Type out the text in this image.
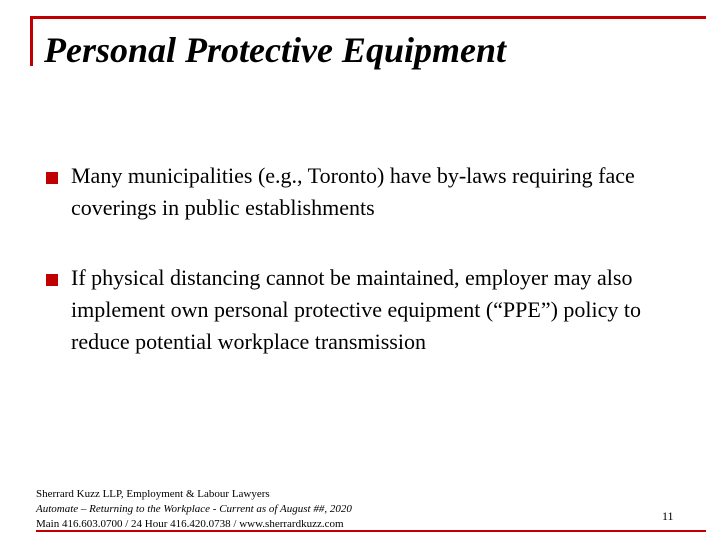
Personal Protective Equipment
Many municipalities (e.g., Toronto) have by-laws requiring face coverings in public establishments
If physical distancing cannot be maintained, employer may also implement own personal protective equipment (“PPE”) policy to reduce potential workplace transmission
Sherrard Kuzz LLP, Employment & Labour Lawyers
Automate – Returning to the Workplace - Current as of August ##, 2020
Main 416.603.0700 / 24 Hour 416.420.0738 / www.sherrardkuzz.com
11
